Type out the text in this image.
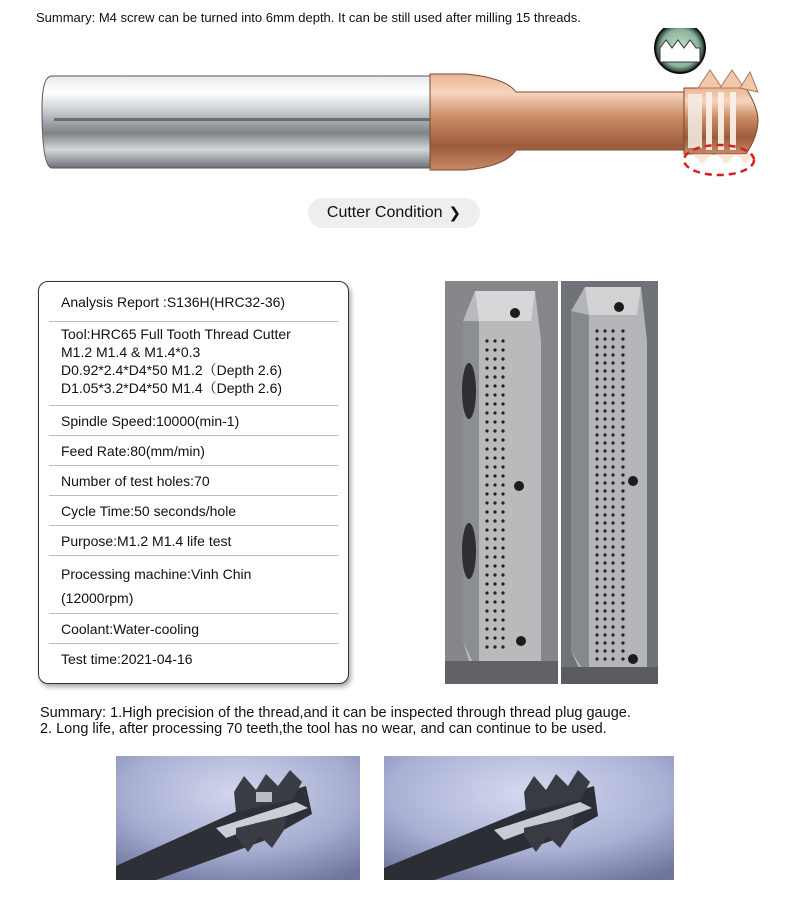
Summary: M4 screw can be turned into 6mm depth. It can be still used after milling 15 threads.
Cutter Condition ❯
Analysis Report :S136H(HRC32-36)
Tool:HRC65 Full Tooth Thread Cutter
M1.2 M1.4 & M1.4*0.3
D0.92*2.4*D4*50 M1.2（Depth 2.6)
D1.05*3.2*D4*50 M1.4（Depth 2.6)
Spindle Speed:10000(min-1)
Feed Rate:80(mm/min)
Number of test holes:70
Cycle Time:50 seconds/hole
Purpose:M1.2 M1.4 life test
Processing machine:Vinh Chin
(12000rpm)
Coolant:Water-cooling
Test time:2021-04-16
Summary: 1.High precision of the thread,and it can be inspected through thread plug gauge.
2. Long life, after processing 70 teeth,the tool has no wear, and can continue to be used.
